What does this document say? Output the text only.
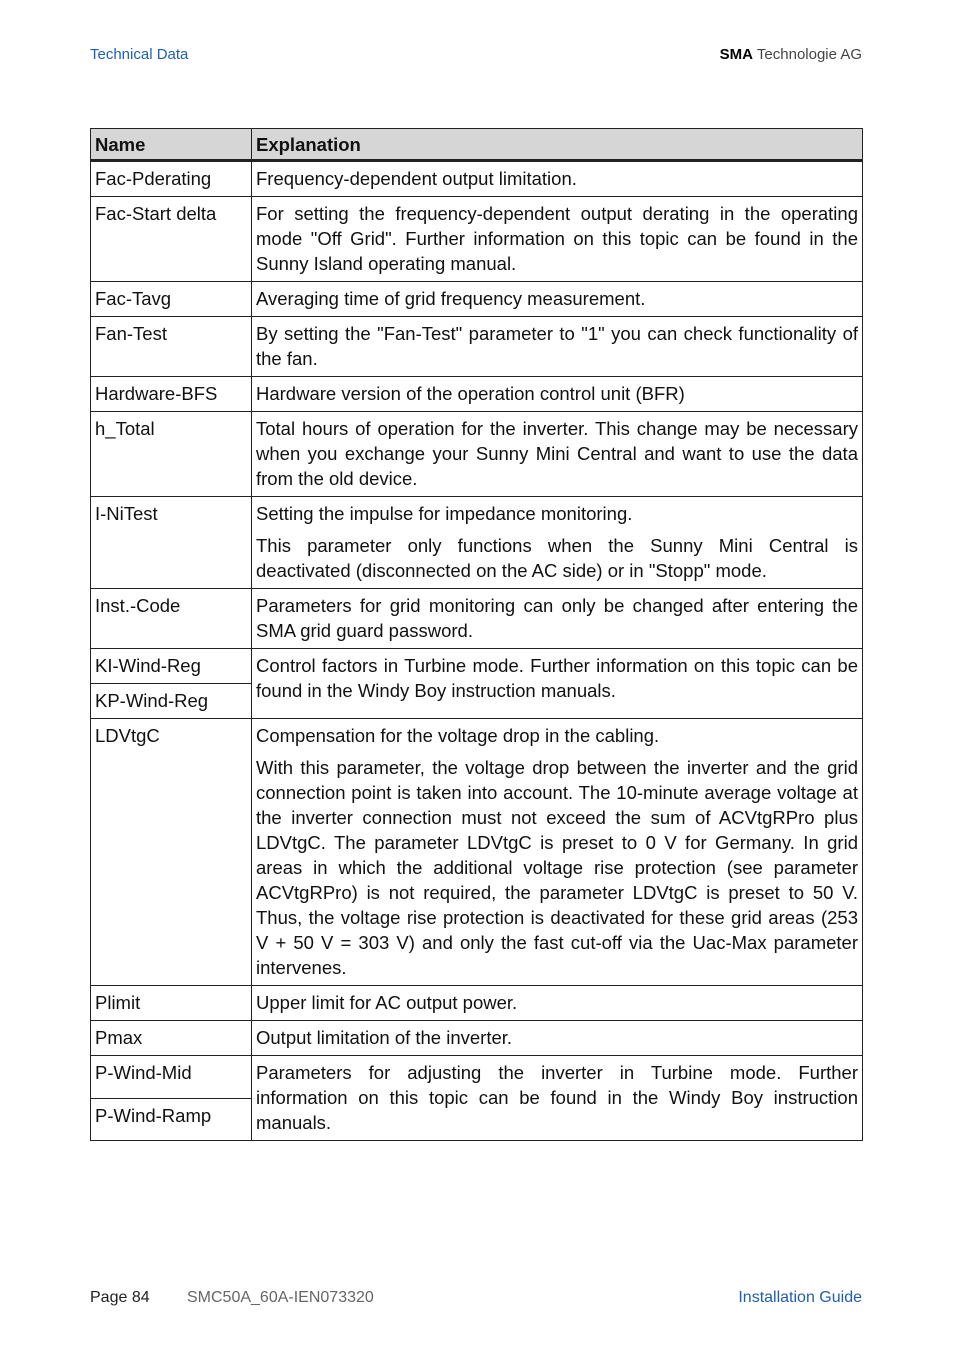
Technical Data	SMA Technologie AG
Name	Explanation
Fac-Pderating	Frequency-dependent output limitation.

Fac-Start delta	For setting the frequency-dependent output derating in the operating mode "Off Grid". Further information on this topic can be found in the Sunny Island operating manual.

Fac-Tavg	Averaging time of grid frequency measurement.

Fan-Test	By setting the "Fan-Test" parameter to "1" you can check functionality of the fan.

Hardware-BFS	Hardware version of the operation control unit (BFR)

h_Total	Total hours of operation for the inverter. This change may be necessary when you exchange your Sunny Mini Central and want to use the data from the old device.

I-NiTest	Setting the impulse for impedance monitoring.

This parameter only functions when the Sunny Mini Central is deactivated (disconnected on the AC side) or in "Stopp" mode.

Inst.-Code	Parameters for grid monitoring can only be changed after entering the SMA grid guard password.

KI-Wind-Reg	Control factors in Turbine mode. Further information on this topic can be found in the Windy Boy instruction manuals.

KP-Wind-Reg	
LDVtgC	Compensation for the voltage drop in the cabling.

With this parameter, the voltage drop between the inverter and the grid connection point is taken into account. The 10-minute average voltage at the inverter connection must not exceed the sum of ACVtgRPro plus LDVtgC. The parameter LDVtgC is preset to 0 V for Germany. In grid areas in which the additional voltage rise protection (see parameter ACVtgRPro) is not required, the parameter LDVtgC is preset to 50 V. Thus, the voltage rise protection is deactivated for these grid areas (253 V + 50 V = 303 V) and only the fast cut-off via the Uac-Max parameter intervenes.

Plimit	Upper limit for AC output power.

Pmax	Output limitation of the inverter.

P-Wind-Mid	Parameters for adjusting the inverter in Turbine mode. Further information on this topic can be found in the Windy Boy instruction manuals.

P-Wind-Ramp	
Page 84 SMC50A_60A-IEN073320	Installation Guide
